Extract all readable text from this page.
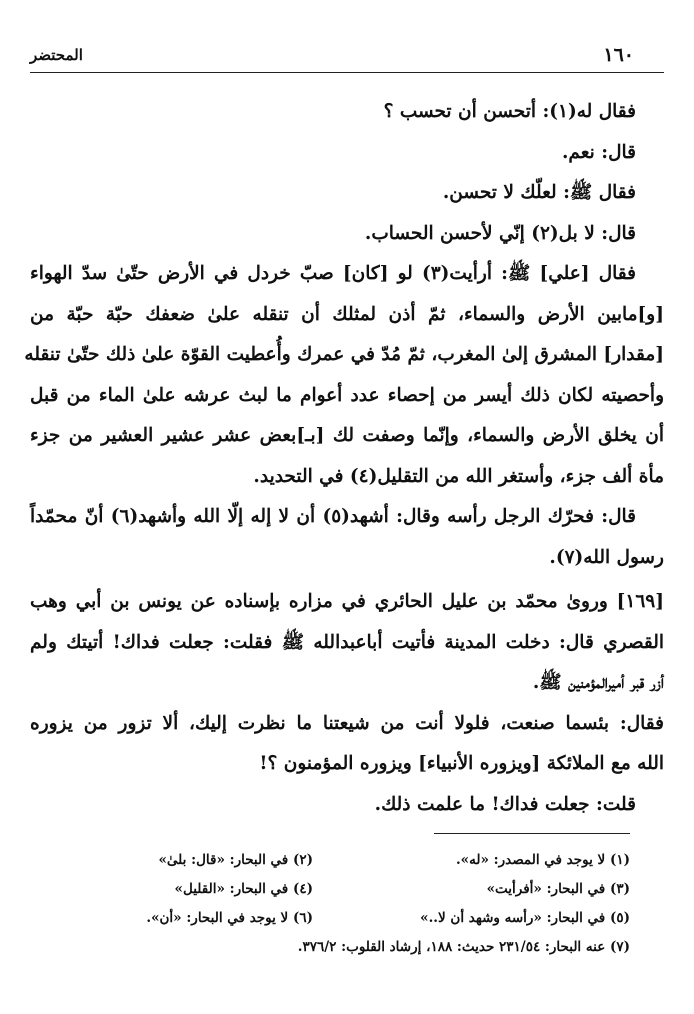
١٦٠
المحتضر
فقال له(١): أتحسن أن تحسب ؟
قال: نعم.
فقال ﷺ: لعلّك لا تحسن.
قال: لا بل(٢) إنّي لأحسن الحساب.
فقال [علي] ﷺ: أرأيت(٣) لو [كان] صبّ خردل في الأرض حتّىٰ سدّ الهواء
[و]مابين الأرض والسماء، ثمّ أذن لمثلك أن تنقله علىٰ ضعفك حبّة حبّة من
[مقدار] المشرق إلىٰ المغرب، ثمّ مُدّ في عمرك وأُعطيت القوّة علىٰ ذلك حتّىٰ تنقله
وأحصيته لكان ذلك أيسر من إحصاء عدد أعوام ما لبث عرشه علىٰ الماء من قبل
أن يخلق الأرض والسماء، وإنّما وصفت لك [بـ]بعض عشر عشير العشير من جزء
مأة ألف جزء، وأستغر الله من التقليل(٤) في التحديد.
قال: فحرّك الرجل رأسه وقال: أشهد(٥) أن لا إله إلّا الله وأشهد(٦) أنّ محمّداً
رسول الله(٧).
[١٦٩] وروىٰ محمّد بن عليل الحائري في مزاره بإسناده عن يونس بن أبي وهب
القصري قال: دخلت المدينة فأتيت أباعبدالله ﷺ فقلت: جعلت فداك! أتيتك ولم
أزر قبر أميرالمؤمنين ﷺ.
فقال: بئسما صنعت، فلولا أنت من شيعتنا ما نظرت إليك، ألا تزور من يزوره
الله مع الملائكة [ويزوره الأنبياء] ويزوره المؤمنون ؟!
قلت: جعلت فداك! ما علمت ذلك.
(١) لا يوجد في المصدر: «له».
(٢) في البحار: «قال: بلىٰ»
(٣) في البحار: «أفرأيت»
(٤) في البحار: «القليل»
(٥) في البحار: «رأسه وشهد أن لا..»
(٦) لا يوجد في البحار: «أن».
(٧) عنه البحار: ٢٣١/٥٤ حديث: ١٨٨، إرشاد القلوب: ٣٧٦/٢.
